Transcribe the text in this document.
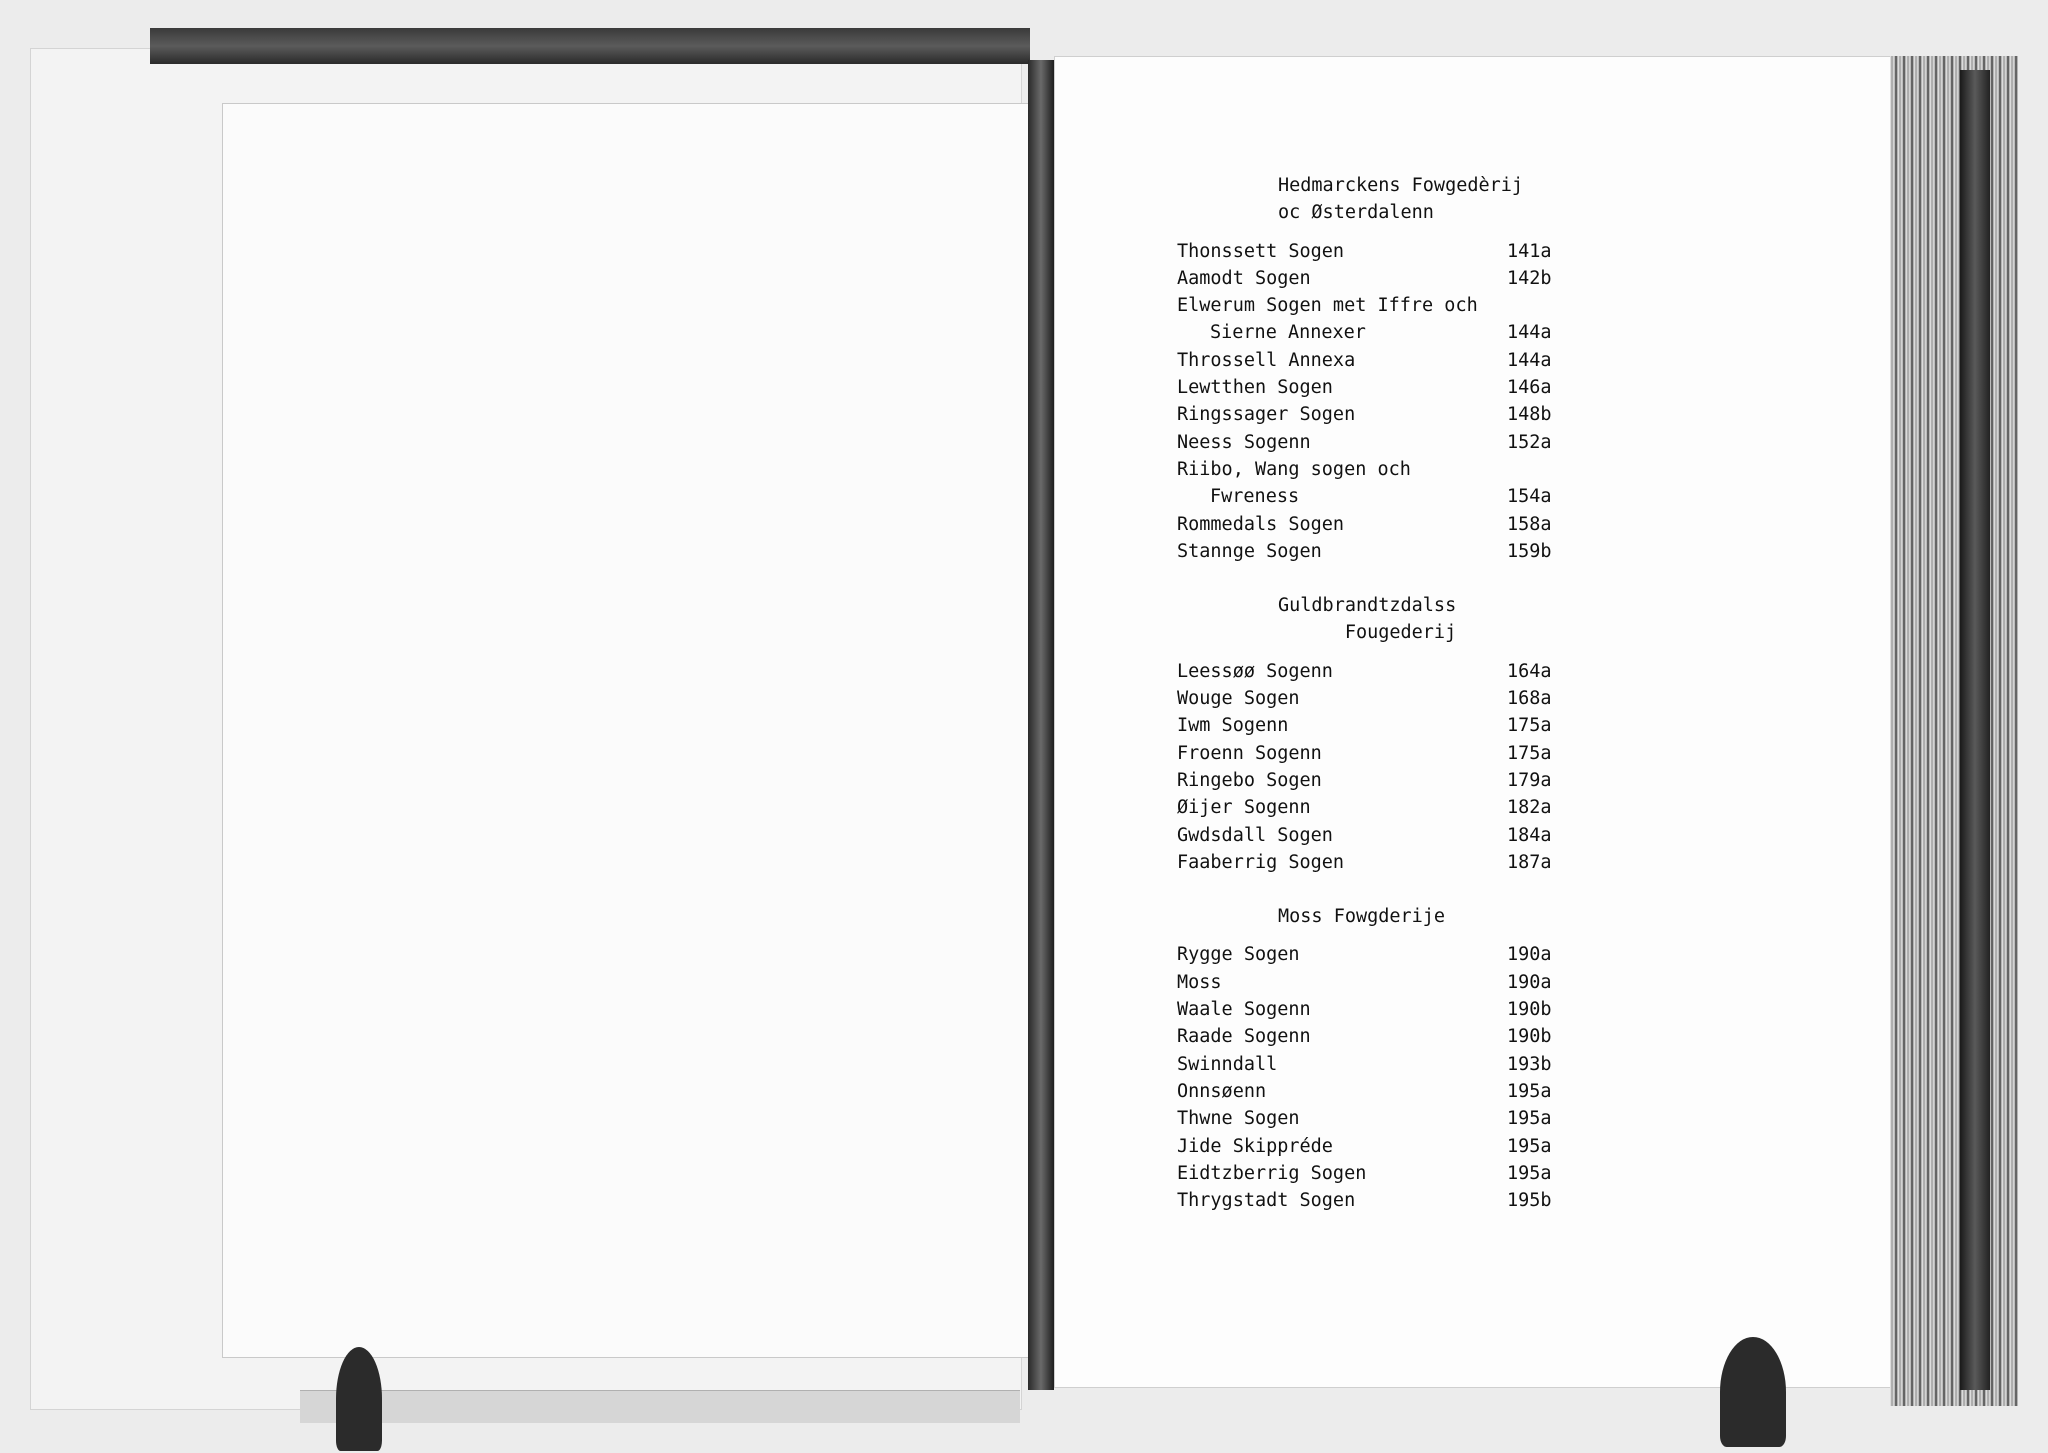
Hedmarckens Fowgedèrij
oc Østerdalenn
Thonssett Sogen	141a
Aamodt Sogen	142b
Elwerum Sogen met Iffre och
Sierne Annexer	144a
Throssell Annexa	144a
Lewtthen Sogen	146a
Ringssager Sogen	148b
Neess Sogenn	152a
Riibo, Wang sogen och
Fwreness	154a
Rommedals Sogen	158a
Stannge Sogen	159b
Guldbrandtzdalss
Fougederij
Leessøø Sogenn	164a
Wouge Sogen	168a
Iwm Sogenn	175a
Froenn Sogenn	175a
Ringebo Sogen	179a
Øijer Sogenn	182a
Gwdsdall Sogen	184a
Faaberrig Sogen	187a
Moss Fowgderije
Rygge Sogen	190a
Moss	190a
Waale Sogenn	190b
Raade Sogenn	190b
Swinndall	193b
Onnsøenn	195a
Thwne Sogen	195a
Jide Skippréde	195a
Eidtzberrig Sogen	195a
Thrygstadt Sogen	195b
